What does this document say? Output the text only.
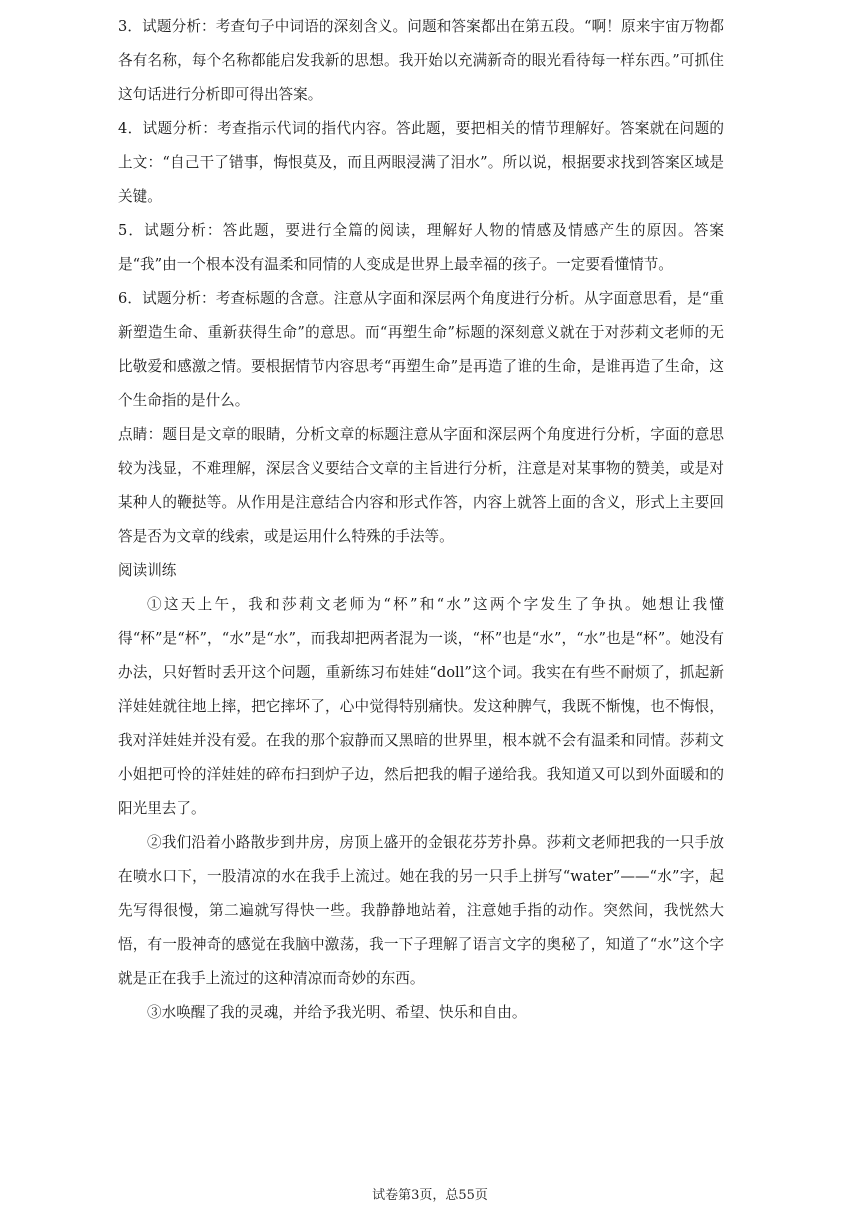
3．试题分析：考查句子中词语的深刻含义。问题和答案都出在第五段。“啊！原来宇宙万物都各有名称，每个名称都能启发我新的思想。我开始以充满新奇的眼光看待每一样东西。”可抓住这句话进行分析即可得出答案。

4．试题分析：考查指示代词的指代内容。答此题，要把相关的情节理解好。答案就在问题的上文：“自己干了错事，悔恨莫及，而且两眼浸满了泪水”。所以说，根据要求找到答案区域是关键。

5．试题分析：答此题，要进行全篇的阅读，理解好人物的情感及情感产生的原因。答案是“我”由一个根本没有温柔和同情的人变成是世界上最幸福的孩子。一定要看懂情节。

6．试题分析：考查标题的含意。注意从字面和深层两个角度进行分析。从字面意思看，是“重新塑造生命、重新获得生命”的意思。而“再塑生命”标题的深刻意义就在于对莎莉文老师的无比敬爱和感激之情。要根据情节内容思考“再塑生命”是再造了谁的生命，是谁再造了生命，这个生命指的是什么。

点睛：题目是文章的眼睛，分析文章的标题注意从字面和深层两个角度进行分析，字面的意思较为浅显，不难理解，深层含义要结合文章的主旨进行分析，注意是对某事物的赞美，或是对某种人的鞭挞等。从作用是注意结合内容和形式作答，内容上就答上面的含义，形式上主要回答是否为文章的线索，或是运用什么特殊的手法等。

阅读训练

①这天上午，我和莎莉文老师为“杯”和“水”这两个字发生了争执。她想让我懂得“杯”是“杯”，“水”是“水”，而我却把两者混为一谈，“杯”也是“水”，“水”也是“杯”。她没有办法，只好暂时丢开这个问题，重新练习布娃娃“doll”这个词。我实在有些不耐烦了，抓起新洋娃娃就往地上摔，把它摔坏了，心中觉得特别痛快。发这种脾气，我既不惭愧，也不悔恨，我对洋娃娃并没有爱。在我的那个寂静而又黑暗的世界里，根本就不会有温柔和同情。莎莉文小姐把可怜的洋娃娃的碎布扫到炉子边，然后把我的帽子递给我。我知道又可以到外面暖和的阳光里去了。

②我们沿着小路散步到井房，房顶上盛开的金银花芬芳扑鼻。莎莉文老师把我的一只手放在喷水口下，一股清凉的水在我手上流过。她在我的另一只手上拼写“water”——“水”字，起先写得很慢，第二遍就写得快一些。我静静地站着，注意她手指的动作。突然间，我恍然大悟，有一股神奇的感觉在我脑中激荡，我一下子理解了语言文字的奥秘了，知道了“水”这个字就是正在我手上流过的这种清凉而奇妙的东西。

③水唤醒了我的灵魂，并给予我光明、希望、快乐和自由。

试卷第3页，总55页
